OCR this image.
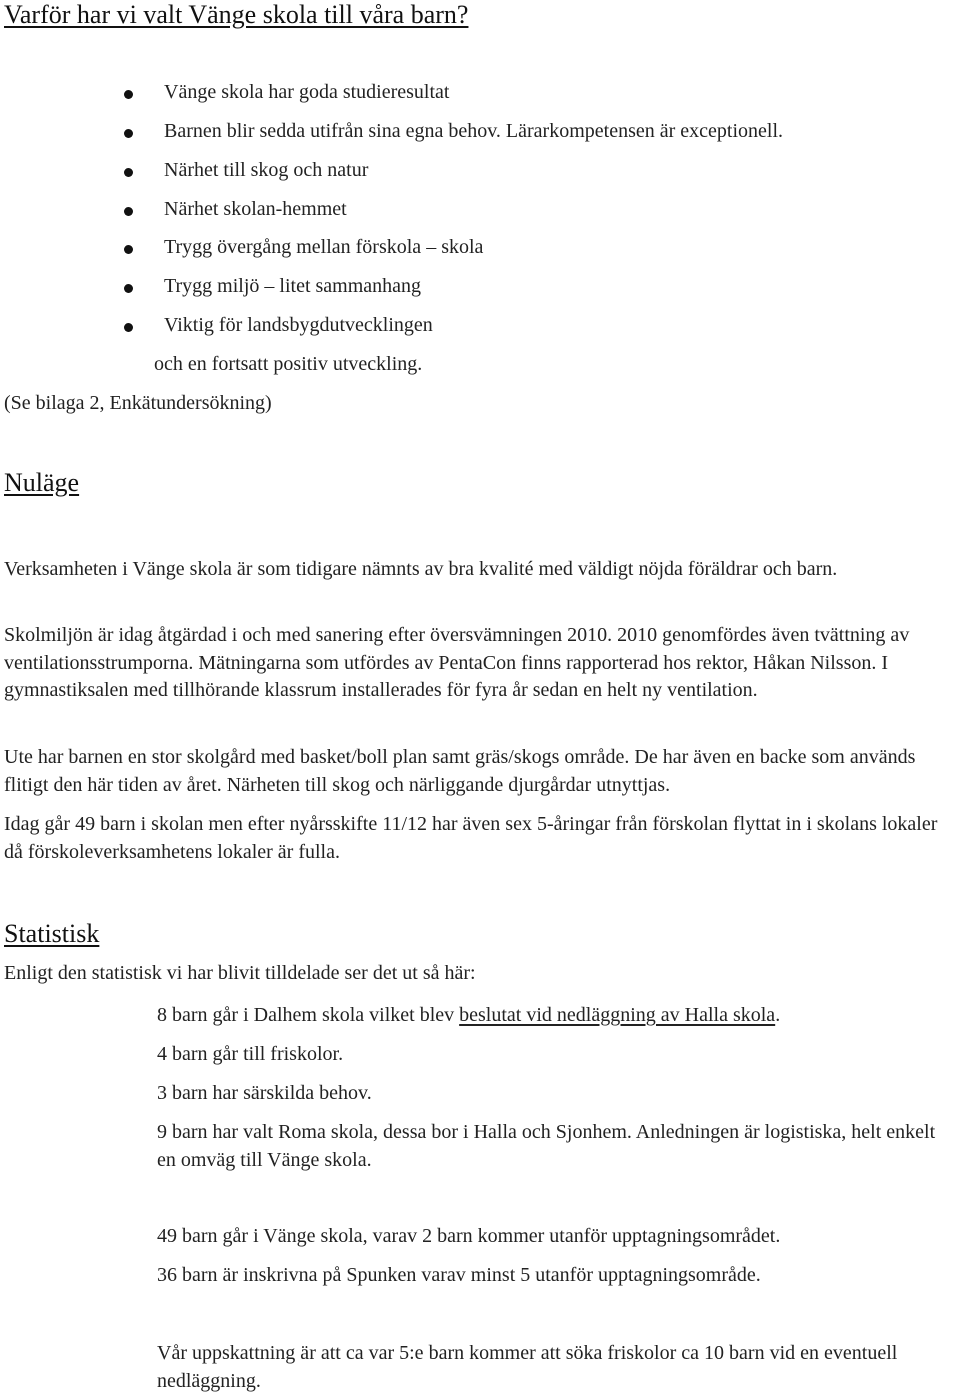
Varför har vi valt Vänge skola till våra barn?
Vänge skola har goda studieresultat
Barnen blir sedda utifrån sina egna behov. Lärarkompetensen är exceptionell.
Närhet till skog och natur
Närhet skolan-hemmet
Trygg övergång mellan förskola – skola
Trygg miljö – litet sammanhang
Viktig för landsbygdutvecklingen
och en fortsatt positiv utveckling.
(Se bilaga 2, Enkätundersökning)
Nuläge
Verksamheten i Vänge skola är som tidigare nämnts av bra kvalité med väldigt nöjda föräldrar och barn.
Skolmiljön är idag åtgärdad i och med sanering efter översvämningen 2010. 2010 genomfördes även tvättning av ventilationsstrumporna. Mätningarna som utfördes av PentaCon finns rapporterad hos rektor, Håkan Nilsson. I gymnastiksalen med tillhörande klassrum installerades för fyra år sedan en helt ny ventilation.
Ute har barnen en stor skolgård med basket/boll plan samt gräs/skogs område. De har även en backe som används flitigt den här tiden av året. Närheten till skog och närliggande djurgårdar utnyttjas.
Idag går 49 barn i skolan men efter nyårsskifte 11/12 har även sex 5-åringar från förskolan flyttat in i skolans lokaler då förskoleverksamhetens lokaler är fulla.
Statistisk
Enligt den statistisk vi har blivit tilldelade ser det ut så här:
8 barn går i Dalhem skola vilket blev beslutat vid nedläggning av Halla skola.
4 barn går till friskolor.
3 barn har särskilda behov.
9 barn har valt Roma skola, dessa bor i Halla och Sjonhem. Anledningen är logistiska, helt enkelt en omväg till Vänge skola.
49 barn går i Vänge skola, varav 2 barn kommer utanför upptagningsområdet.
36 barn är inskrivna på Spunken varav minst 5 utanför upptagningsområde.
Vår uppskattning är att ca var 5:e barn kommer att söka friskolor ca 10 barn vid en eventuell nedläggning.
